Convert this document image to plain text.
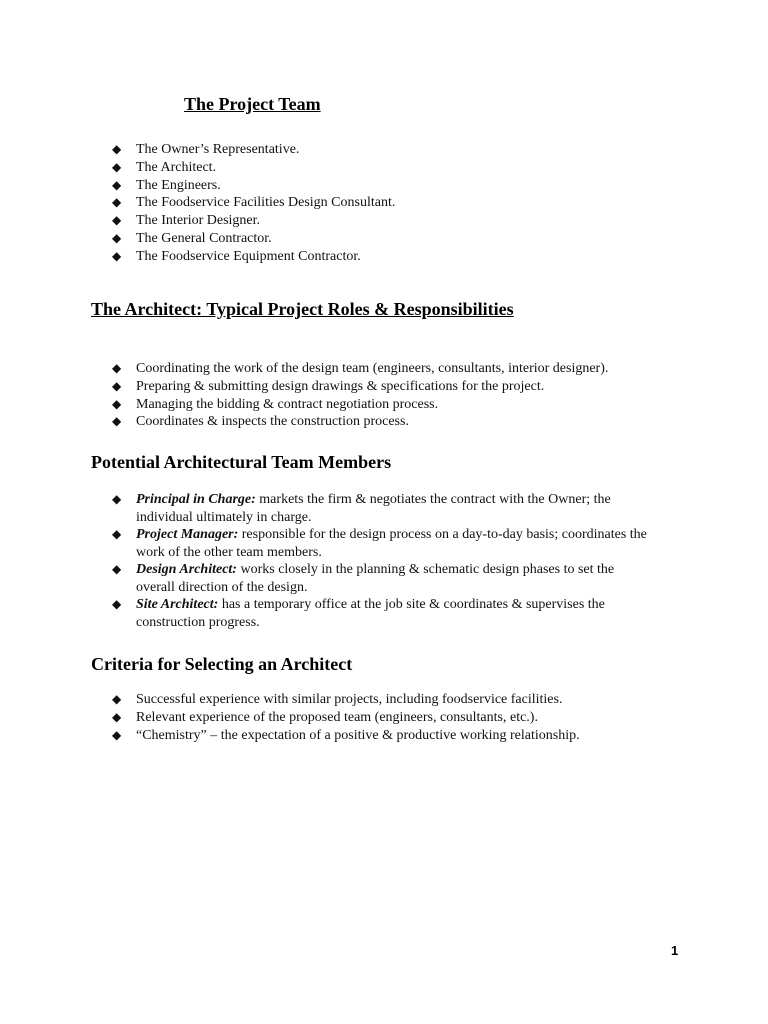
The Project Team
◆ The Owner’s Representative.
◆ The Architect.
◆ The Engineers.
◆ The Foodservice Facilities Design Consultant.
◆ The Interior Designer.
◆ The General Contractor.
◆ The Foodservice Equipment Contractor.
The Architect: Typical Project Roles & Responsibilities
◆ Coordinating the work of the design team (engineers, consultants, interior designer).
◆ Preparing & submitting design drawings & specifications for the project.
◆ Managing the bidding & contract negotiation process.
◆ Coordinates & inspects the construction process.
Potential Architectural Team Members
◆ Principal in Charge: markets the firm & negotiates the contract with the Owner; the individual ultimately in charge.
◆ Project Manager: responsible for the design process on a day-to-day basis; coordinates the work of the other team members.
◆ Design Architect: works closely in the planning & schematic design phases to set the overall direction of the design.
◆ Site Architect: has a temporary office at the job site & coordinates & supervises the construction progress.
Criteria for Selecting an Architect
◆ Successful experience with similar projects, including foodservice facilities.
◆ Relevant experience of the proposed team (engineers, consultants, etc.).
◆ “Chemistry” – the expectation of a positive & productive working relationship.
1
